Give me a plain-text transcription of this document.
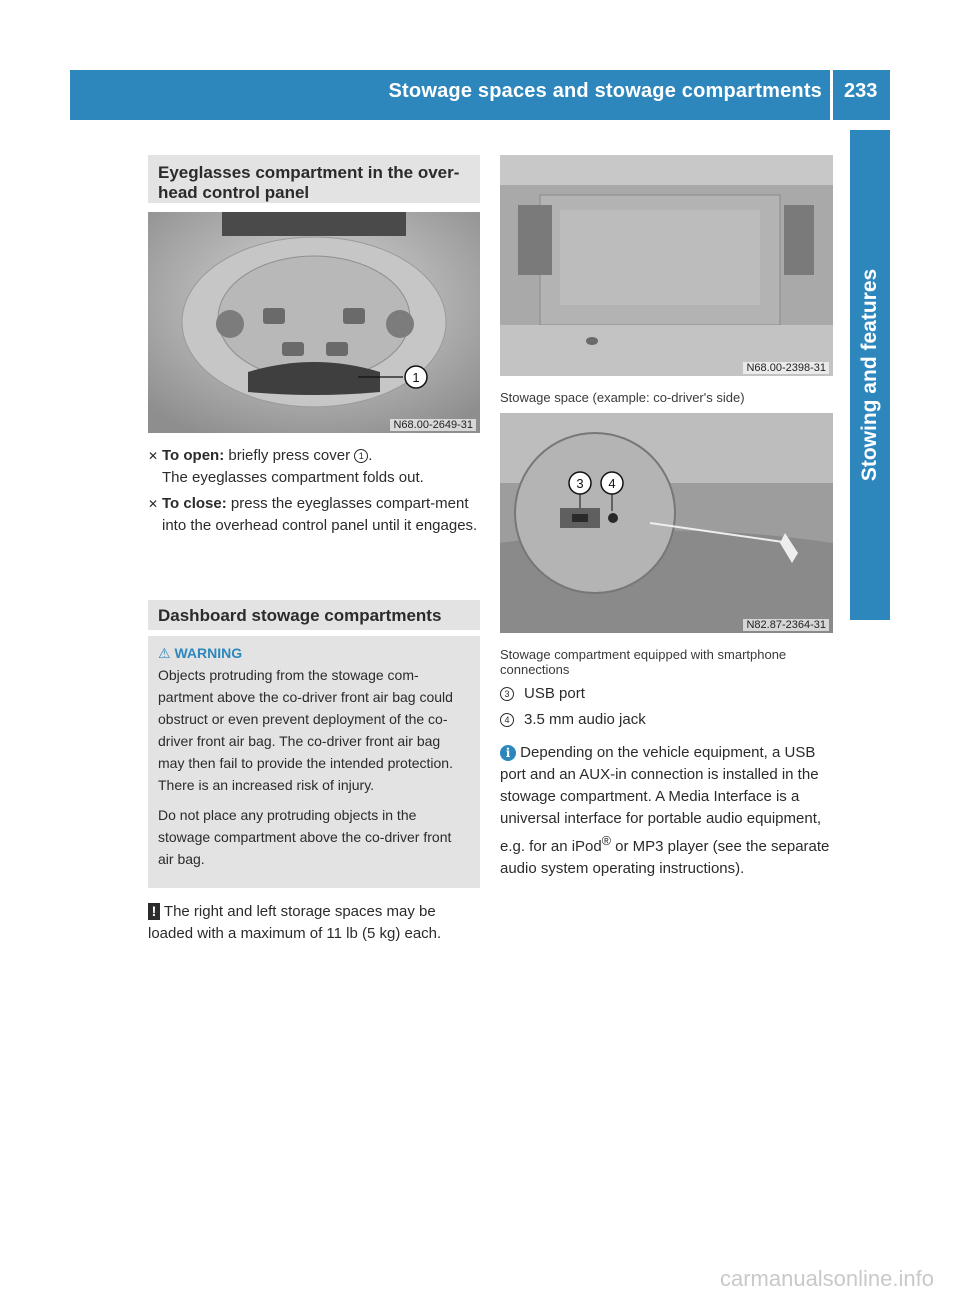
Stowage spaces and stowage compartments 233
Stowing and features
Eyeglasses compartment in the over-head control panel
1
N68.00-2649-31
✕ To open: briefly press cover 1 .
The eyeglasses compartment folds out.
✕ To close: press the eyeglasses compart-ment into the overhead control panel until it engages.
Dashboard stowage compartments
⚠ WARNING

Objects protruding from the stowage com-partment above the co-driver front air bag could obstruct or even prevent deployment of the co-driver front air bag. The co-driver front air bag may then fail to provide the intended protection. There is an increased risk of injury.

Do not place any protruding objects in the stowage compartment above the co-driver front air bag.

! The right and left storage spaces may be loaded with a maximum of 11 lb (5 kg) each.
N68.00-2398-31
Stowage space (example: co-driver's side)
3 4
N82.87-2364-31
Stowage compartment equipped with smartphone connections
3 USB port
4 3.5 mm audio jack
i Depending on the vehicle equipment, a USB port and an AUX-in connection is installed in the stowage compartment. A Media Interface is a universal interface for portable audio equipment, e.g. for an iPod® or MP3 player (see the separate audio system operating instructions).
carmanualsonline.info
